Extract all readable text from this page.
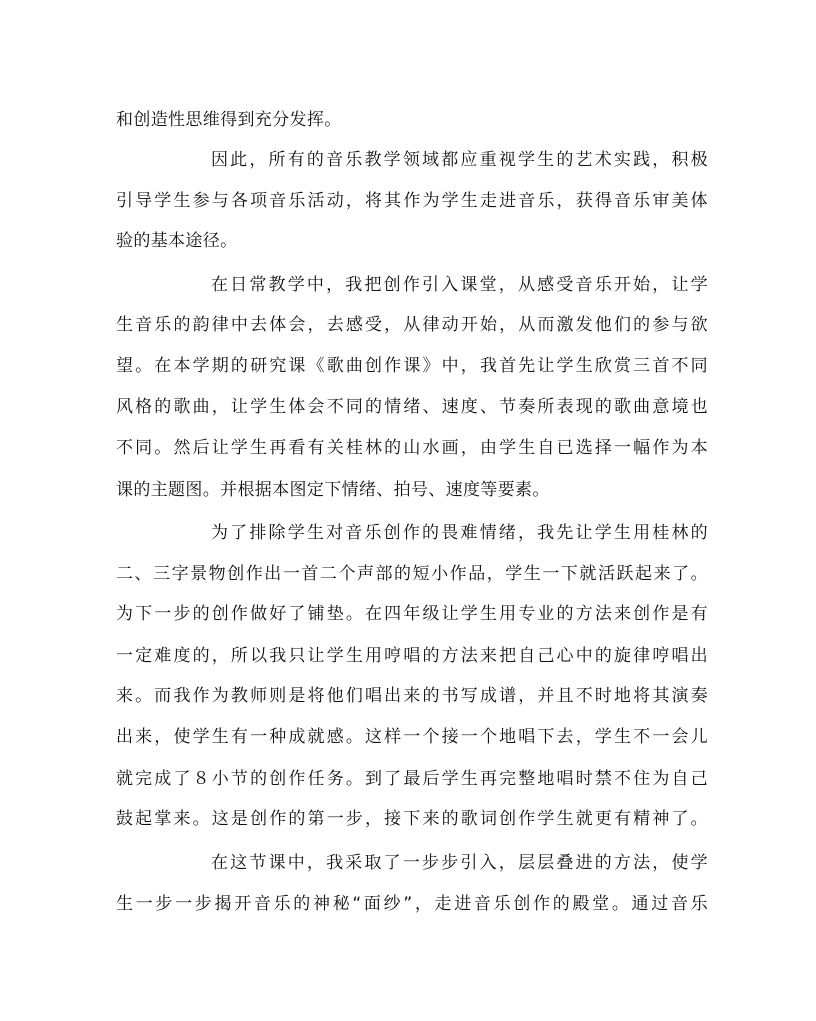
和创造性思维得到充分发挥。
因此，所有的音乐教学领域都应重视学生的艺术实践，积极
引导学生参与各项音乐活动，将其作为学生走进音乐，获得音乐审美体
验的基本途径。
在日常教学中，我把创作引入课堂，从感受音乐开始，让学
生音乐的韵律中去体会，去感受，从律动开始，从而激发他们的参与欲
望。在本学期的研究课《歌曲创作课》中，我首先让学生欣赏三首不同
风格的歌曲，让学生体会不同的情绪、速度、节奏所表现的歌曲意境也
不同。然后让学生再看有关桂林的山水画，由学生自已选择一幅作为本
课的主题图。并根据本图定下情绪、拍号、速度等要素。
为了排除学生对音乐创作的畏难情绪，我先让学生用桂林的
二、三字景物创作出一首二个声部的短小作品，学生一下就活跃起来了。
为下一步的创作做好了铺垫。在四年级让学生用专业的方法来创作是有
一定难度的，所以我只让学生用哼唱的方法来把自己心中的旋律哼唱出
来。而我作为教师则是将他们唱出来的书写成谱，并且不时地将其演奏
出来，使学生有一种成就感。这样一个接一个地唱下去，学生不一会儿
就完成了８小节的创作任务。到了最后学生再完整地唱时禁不住为自己
鼓起掌来。这是创作的第一步，接下来的歌词创作学生就更有精神了。
在这节课中，我采取了一步步引入，层层叠进的方法，使学
生一步一步揭开音乐的神秘“面纱”，走进音乐创作的殿堂。通过音乐
